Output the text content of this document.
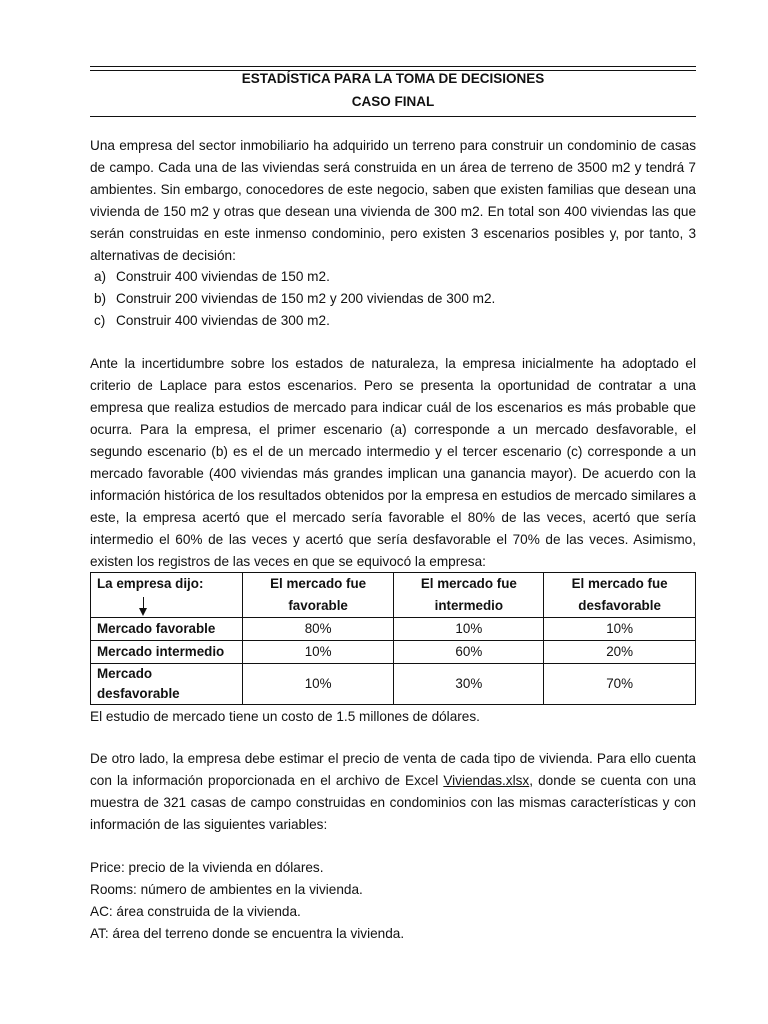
ESTADÍSTICA PARA LA TOMA DE DECISIONES
CASO FINAL

Una empresa del sector inmobiliario ha adquirido un terreno para construir un condominio de casas de campo. Cada una de las viviendas será construida en un área de terreno de 3500 m2 y tendrá 7 ambientes. Sin embargo, conocedores de este negocio, saben que existen familias que desean una vivienda de 150 m2 y otras que desean una vivienda de 300 m2. En total son 400 viviendas las que serán construidas en este inmenso condominio, pero existen 3 escenarios posibles y, por tanto, 3 alternativas de decisión:

a) Construir 400 viviendas de 150 m2.
b) Construir 200 viviendas de 150 m2 y 200 viviendas de 300 m2.
c) Construir 400 viviendas de 300 m2.

Ante la incertidumbre sobre los estados de naturaleza, la empresa inicialmente ha adoptado el criterio de Laplace para estos escenarios. Pero se presenta la oportunidad de contratar a una empresa que realiza estudios de mercado para indicar cuál de los escenarios es más probable que ocurra. Para la empresa, el primer escenario (a) corresponde a un mercado desfavorable, el segundo escenario (b) es el de un mercado intermedio y el tercer escenario (c) corresponde a un mercado favorable (400 viviendas más grandes implican una ganancia mayor). De acuerdo con la información histórica de los resultados obtenidos por la empresa en estudios de mercado similares a este, la empresa acertó que el mercado sería favorable el 80% de las veces, acertó que sería intermedio el 60% de las veces y acertó que sería desfavorable el 70% de las veces. Asimismo, existen los registros de las veces en que se equivocó la empresa:

La empresa dijo:	El mercado fue favorable	El mercado fue intermedio	El mercado fue desfavorable
Mercado favorable	80%	10%	10%
Mercado intermedio	10%	60%	20%
Mercado desfavorable	10%	30%	70%

El estudio de mercado tiene un costo de 1.5 millones de dólares.

De otro lado, la empresa debe estimar el precio de venta de cada tipo de vivienda. Para ello cuenta con la información proporcionada en el archivo de Excel Viviendas.xlsx, donde se cuenta con una muestra de 321 casas de campo construidas en condominios con las mismas características y con información de las siguientes variables:

Price: precio de la vivienda en dólares.

Rooms: número de ambientes en la vivienda.

AC: área construida de la vivienda.

AT: área del terreno donde se encuentra la vivienda.
